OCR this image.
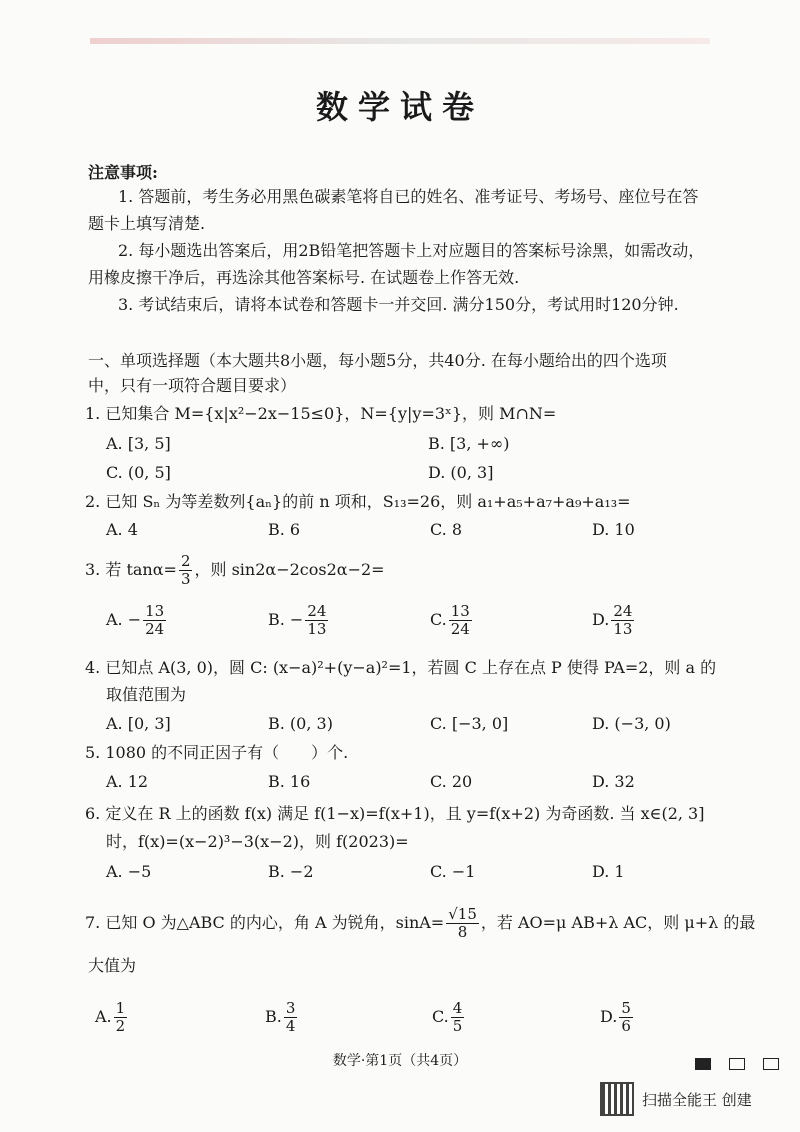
数学试卷
注意事项:
1. 答题前，考生务必用黑色碳素笔将自已的姓名、准考证号、考场号、座位号在答
题卡上填写清楚.
2. 每小题选出答案后，用2B铅笔把答题卡上对应题目的答案标号涂黑，如需改动，
用橡皮擦干净后，再选涂其他答案标号. 在试题卷上作答无效.
3. 考试结束后，请将本试卷和答题卡一并交回. 满分150分，考试用时120分钟.
一、单项选择题（本大题共8小题，每小题5分，共40分. 在每小题给出的四个选项
中，只有一项符合题目要求）
1. 已知集合 M={x|x²−2x−15≤0}，N={y|y=3ˣ}，则 M∩N=
A. [3, 5]	B. [3, +∞)
C. (0, 5]	D. (0, 3]
2. 已知 Sₙ 为等差数列{aₙ}的前 n 项和，S₁₃=26，则 a₁+a₅+a₇+a₉+a₁₃=
A. 4	B. 6	C. 8	D. 10
3. 若 $\tan\alpha= \frac{2}{3}$ ，则 sin2α−2cos2α−2=
A. − $\frac{13}{24}$	B. − $\frac{24}{13}$	C. $\frac{13}{24}$	D. $\frac{24}{13}$
4. 已知点 A(3, 0)，圆 C: (x−a)²+(y−a)²=1，若圆 C 上存在点 P 使得 PA=2，则 a 的
取值范围为
A. [0, 3]	B. (0, 3)	C. [−3, 0]	D. (−3, 0)
5. 1080 的不同正因子有（　　）个.
A. 12	B. 16	C. 20	D. 32
6. 定义在 R 上的函数 f(x) 满足 f(1−x)=f(x+1)，且 y=f(x+2) 为奇函数. 当 x∈(2, 3]
时，f(x)=(x−2)³−3(x−2)，则 f(2023)=
A. −5	B. −2	C. −1	D. 1
7. 已知 O 为△ABC 的内心，角 A 为锐角，$\sin A= \frac{√15}{8}$ ，若 AO=μ AB+λ AC，则 μ+λ 的最
大值为
A. $\frac{1}{2}$	B. $\frac{3}{4}$	C. $\frac{4}{5}$	D. $\frac{5}{6}$
数学·第1页（共4页）
扫描全能王 创建
